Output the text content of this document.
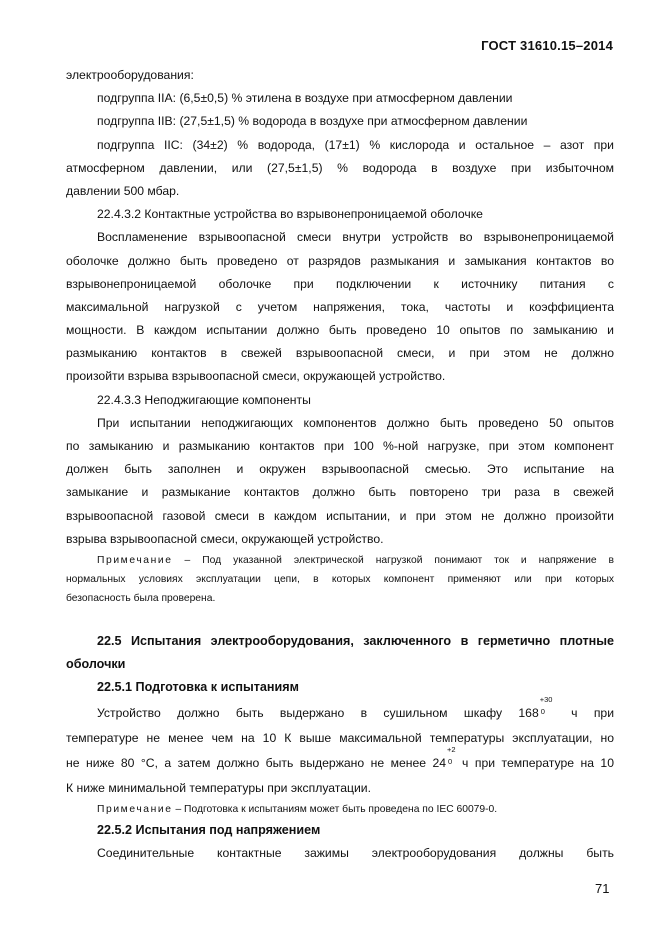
ГОСТ 31610.15–2014
электрооборудования:
подгруппа IIA: (6,5±0,5) % этилена в воздухе при атмосферном давлении
подгруппа IIB: (27,5±1,5) % водорода в воздухе при атмосферном давлении
подгруппа IIC: (34±2) % водорода, (17±1) % кислорода и остальное – азот при
атмосферном давлении, или (27,5±1,5) % водорода в воздухе при избыточном
давлении 500 мбар.
22.4.3.2 Контактные устройства во взрывонепроницаемой оболочке
Воспламенение взрывоопасной смеси внутри устройств во взрывонепроницаемой
оболочке должно быть проведено от разрядов размыкания и замыкания контактов во
взрывонепроницаемой оболочке при подключении к источнику питания с
максимальной нагрузкой с учетом напряжения, тока, частоты и коэффициента
мощности. В каждом испытании должно быть проведено 10 опытов по замыканию и
размыканию контактов в свежей взрывоопасной смеси, и при этом не должно
произойти взрыва взрывоопасной смеси, окружающей устройство.
22.4.3.3 Неподжигающие компоненты
При испытании неподжигающих компонентов должно быть проведено 50 опытов
по замыканию и размыканию контактов при 100 %-ной нагрузке, при этом компонент
должен быть заполнен и окружен взрывоопасной смесью. Это испытание на
замыкание и размыкание контактов должно быть повторено три раза в свежей
взрывоопасной газовой смеси в каждом испытании, и при этом не должно произойти
взрыва взрывоопасной смеси, окружающей устройство.
Примечание – Под указанной электрической нагрузкой понимают ток и напряжение в
нормальных условиях эксплуатации цепи, в которых компонент применяют или при которых
безопасность была проверена.
22.5 Испытания электрооборудования, заключенного в герметично плотные
оболочки
22.5.1 Подготовка к испытаниям
Устройство должно быть выдержано в сушильном шкафу 168
+30
0 ч при
температуре не менее чем на 10 К выше максимальной температуры эксплуатации, но
не ниже 80 °С, а затем должно быть выдержано не менее 24
+2
0 ч при температуре на 10
К ниже минимальной температуры при эксплуатации.
Примечание – Подготовка к испытаниям может быть проведена по IEC 60079-0.
22.5.2 Испытания под напряжением
Соединительные контактные зажимы электрооборудования должны быть
71
